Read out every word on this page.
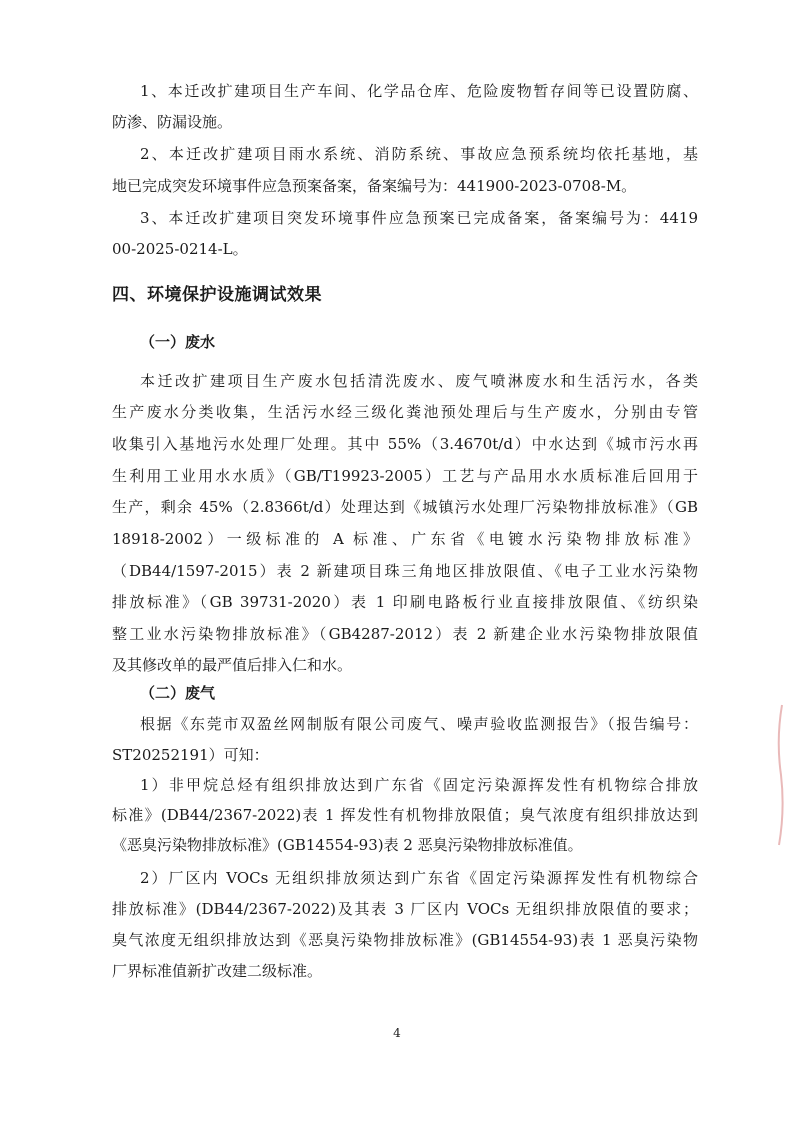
1、本迁改扩建项目生产车间、化学品仓库、危险废物暂存间等已设置防腐、
防渗、防漏设施。
2、本迁改扩建项目雨水系统、消防系统、事故应急预系统均依托基地，基
地已完成突发环境事件应急预案备案，备案编号为：441900-2023-0708-M。
3、本迁改扩建项目突发环境事件应急预案已完成备案，备案编号为：4419
00-2025-0214-L。
四、环境保护设施调试效果
（一）废水
本迁改扩建项目生产废水包括清洗废水、废气喷淋废水和生活污水，各类
生产废水分类收集，生活污水经三级化粪池预处理后与生产废水，分别由专管
收集引入基地污水处理厂处理。其中 55%（3.4670t/d）中水达到《城市污水再
生利用工业用水水质》（GB/T19923-2005）工艺与产品用水水质标准后回用于
生产，剩余 45%（2.8366t/d）处理达到《城镇污水处理厂污染物排放标准》（GB
18918-2002）一级标准的 A 标准、广东省《电镀水污染物排放标准》
（DB44/1597-2015）表 2 新建项目珠三角地区排放限值、《电子工业水污染物
排放标准》（GB 39731-2020）表 1 印刷电路板行业直接排放限值、《纺织染
整工业水污染物排放标准》（GB4287-2012）表 2 新建企业水污染物排放限值
及其修改单的最严值后排入仁和水。
（二）废气
根据《东莞市双盈丝网制版有限公司废气、噪声验收监测报告》（报告编号：
ST20252191）可知：
1）非甲烷总烃有组织排放达到广东省《固定污染源挥发性有机物综合排放
标准》(DB44/2367-2022)表 1 挥发性有机物排放限值；臭气浓度有组织排放达到
《恶臭污染物排放标准》(GB14554-93)表 2 恶臭污染物排放标准值。
2）厂区内 VOCs 无组织排放须达到广东省《固定污染源挥发性有机物综合
排放标准》(DB44/2367-2022)及其表 3 厂区内 VOCs 无组织排放限值的要求；
臭气浓度无组织排放达到《恶臭污染物排放标准》(GB14554-93)表 1 恶臭污染物
厂界标准值新扩改建二级标准。
4
